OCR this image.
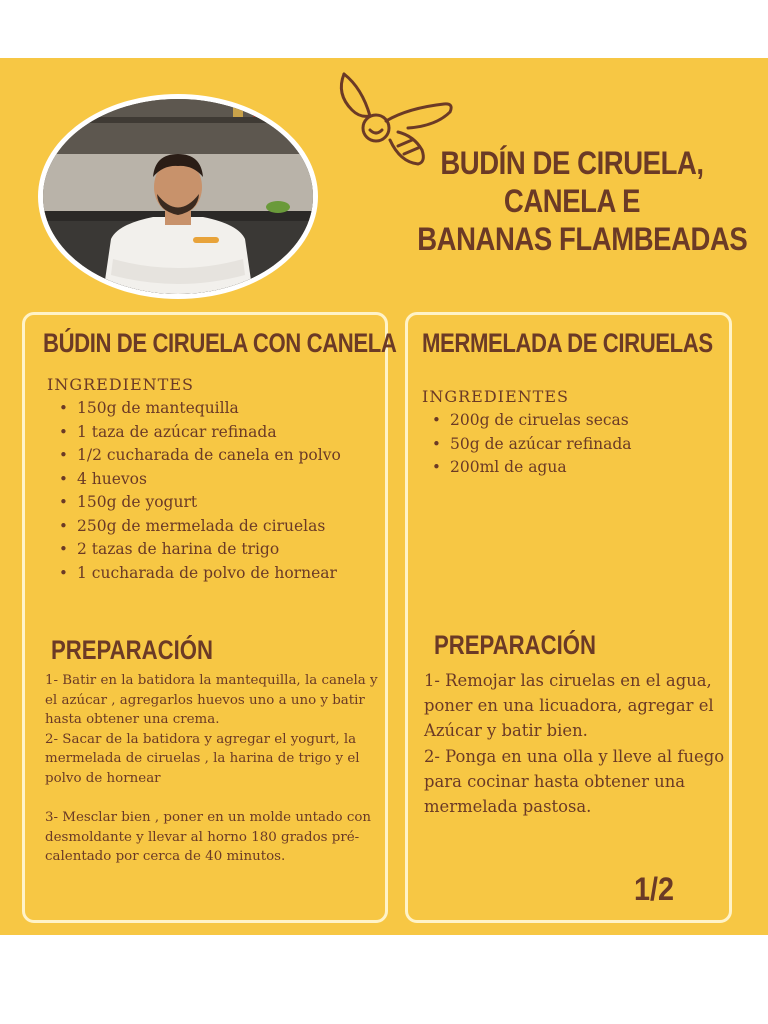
BUDÍN DE CIRUELA,
CANELA E
BANANAS FLAMBEADAS
BÚDIN DE CIRUELA CON CANELA
INGREDIENTES
• 150g de mantequilla
• 1 taza de azúcar refinada
• 1/2 cucharada de canela en polvo
• 4 huevos
• 150g de yogurt
• 250g de mermelada de ciruelas
• 2 tazas de harina de trigo
• 1 cucharada de polvo de hornear
PREPARACIÓN

1- Batir en la batidora la mantequilla, la canela y el azúcar , agregarlos huevos uno a uno y batir hasta obtener una crema.

2- Sacar de la batidora y agregar el yogurt, la mermelada de ciruelas , la harina de trigo y el polvo de hornear

3- Mesclar bien , poner en un molde untado con desmoldante y llevar al horno 180 grados pré-calentado por cerca de 40 minutos.

MERMELADA DE CIRUELAS
INGREDIENTES
• 200g de ciruelas secas
• 50g de azúcar refinada
• 200ml de agua
PREPARACIÓN

1- Remojar las ciruelas en el agua, poner en una licuadora, agregar el Azúcar y batir bien.

2- Ponga en una olla y lleve al fuego para cocinar hasta obtener una mermelada pastosa.

1/2
